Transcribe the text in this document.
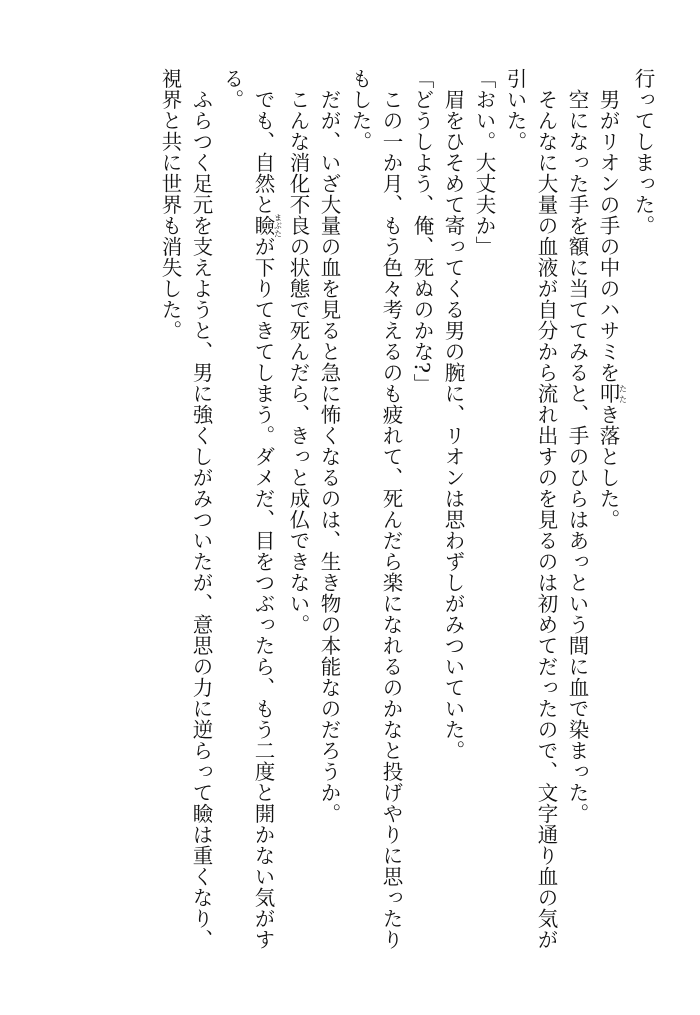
行ってしまった。

　男がリオンの手の中のハサミを叩たたき落とした。

　空になった手を額に当ててみると、手のひらはあっという間に血で染まった。

　そんなに大量の血液が自分から流れ出すのを見るのは初めてだったので、文字通り血の気が引いた。

「おい。大丈夫か」

　眉をひそめて寄ってくる男の腕に、リオンは思わずしがみついていた。

「どうしよう、俺、死ぬのかな?」

　この一か月、もう色々考えるのも疲れて、死んだら楽になれるのかなと投げやりに思ったりもした。

　だが、いざ大量の血を見ると急に怖くなるのは、生き物の本能なのだろうか。

　こんな消化不良の状態で死んだら、きっと成仏できない。

　でも、自然と瞼まぶたが下りてきてしまう。ダメだ、目をつぶったら、もう二度と開かない気がする。

　ふらつく足元を支えようと、男に強くしがみついたが、意思の力に逆らって瞼は重くなり、視界と共に世界も消失した。
